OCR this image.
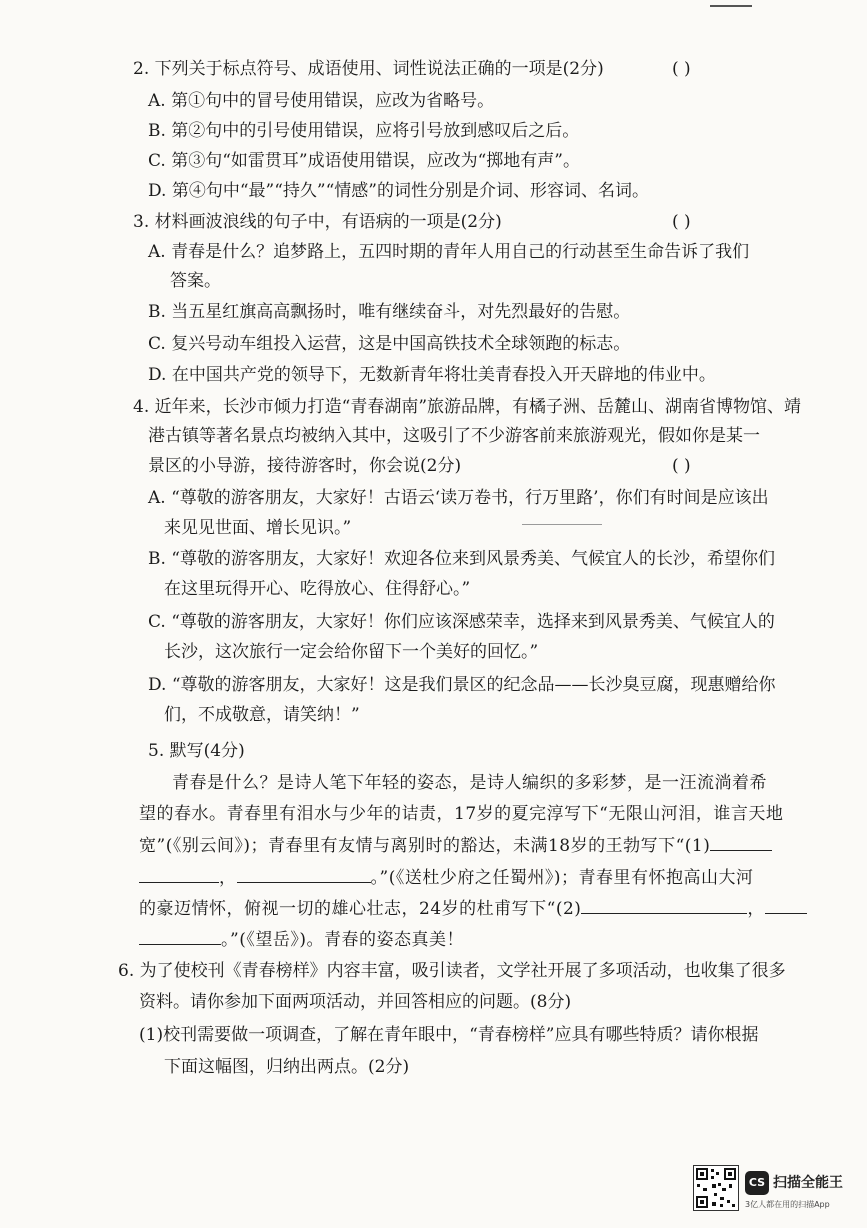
2. 下列关于标点符号、成语使用、词性说法正确的一项是(2分)	( )
A. 第①句中的冒号使用错误，应改为省略号。
B. 第②句中的引号使用错误，应将引号放到感叹后之后。
C. 第③句“如雷贯耳”成语使用错误，应改为“掷地有声”。
D. 第④句中“最”“持久”“情感”的词性分别是介词、形容词、名词。
3. 材料画波浪线的句子中，有语病的一项是(2分)	( )
A. 青春是什么？追梦路上，五四时期的青年人用自己的行动甚至生命告诉了我们
答案。
B. 当五星红旗高高飘扬时，唯有继续奋斗，对先烈最好的告慰。
C. 复兴号动车组投入运营，这是中国高铁技术全球领跑的标志。
D. 在中国共产党的领导下，无数新青年将壮美青春投入开天辟地的伟业中。
4. 近年来，长沙市倾力打造“青春湖南”旅游品牌，有橘子洲、岳麓山、湖南省博物馆、靖
港古镇等著名景点均被纳入其中，这吸引了不少游客前来旅游观光，假如你是某一
景区的小导游，接待游客时，你会说(2分)	( )
A. “尊敬的游客朋友，大家好！古语云‘读万卷书，行万里路’，你们有时间是应该出
来见见世面、增长见识。”
B. “尊敬的游客朋友，大家好！欢迎各位来到风景秀美、气候宜人的长沙，希望你们
在这里玩得开心、吃得放心、住得舒心。”
C. “尊敬的游客朋友，大家好！你们应该深感荣幸，选择来到风景秀美、气候宜人的
长沙，这次旅行一定会给你留下一个美好的回忆。”
D. “尊敬的游客朋友，大家好！这是我们景区的纪念品——长沙臭豆腐，现惠赠给你
们，不成敬意，请笑纳！”
5. 默写(4分)
青春是什么？是诗人笔下年轻的姿态，是诗人编织的多彩梦，是一汪流淌着希
望的春水。青春里有泪水与少年的诘责，17岁的夏完淳写下“无限山河泪，谁言天地
宽”(《别云间》)；青春里有友情与离别时的豁达，未满18岁的王勃写下“(1)
，	。”(《送杜少府之任蜀州》)；青春里有怀抱高山大河
的豪迈情怀，俯视一切的雄心壮志，24岁的杜甫写下“(2)	，
。”(《望岳》)。青春的姿态真美！
6. 为了使校刊《青春榜样》内容丰富，吸引读者，文学社开展了多项活动，也收集了很多
资料。请你参加下面两项活动，并回答相应的问题。(8分)
(1)校刊需要做一项调查，了解在青年眼中，“青春榜样”应具有哪些特质？请你根据
下面这幅图，归纳出两点。(2分)
CS 扫描全能王
3亿人都在用的扫描App
